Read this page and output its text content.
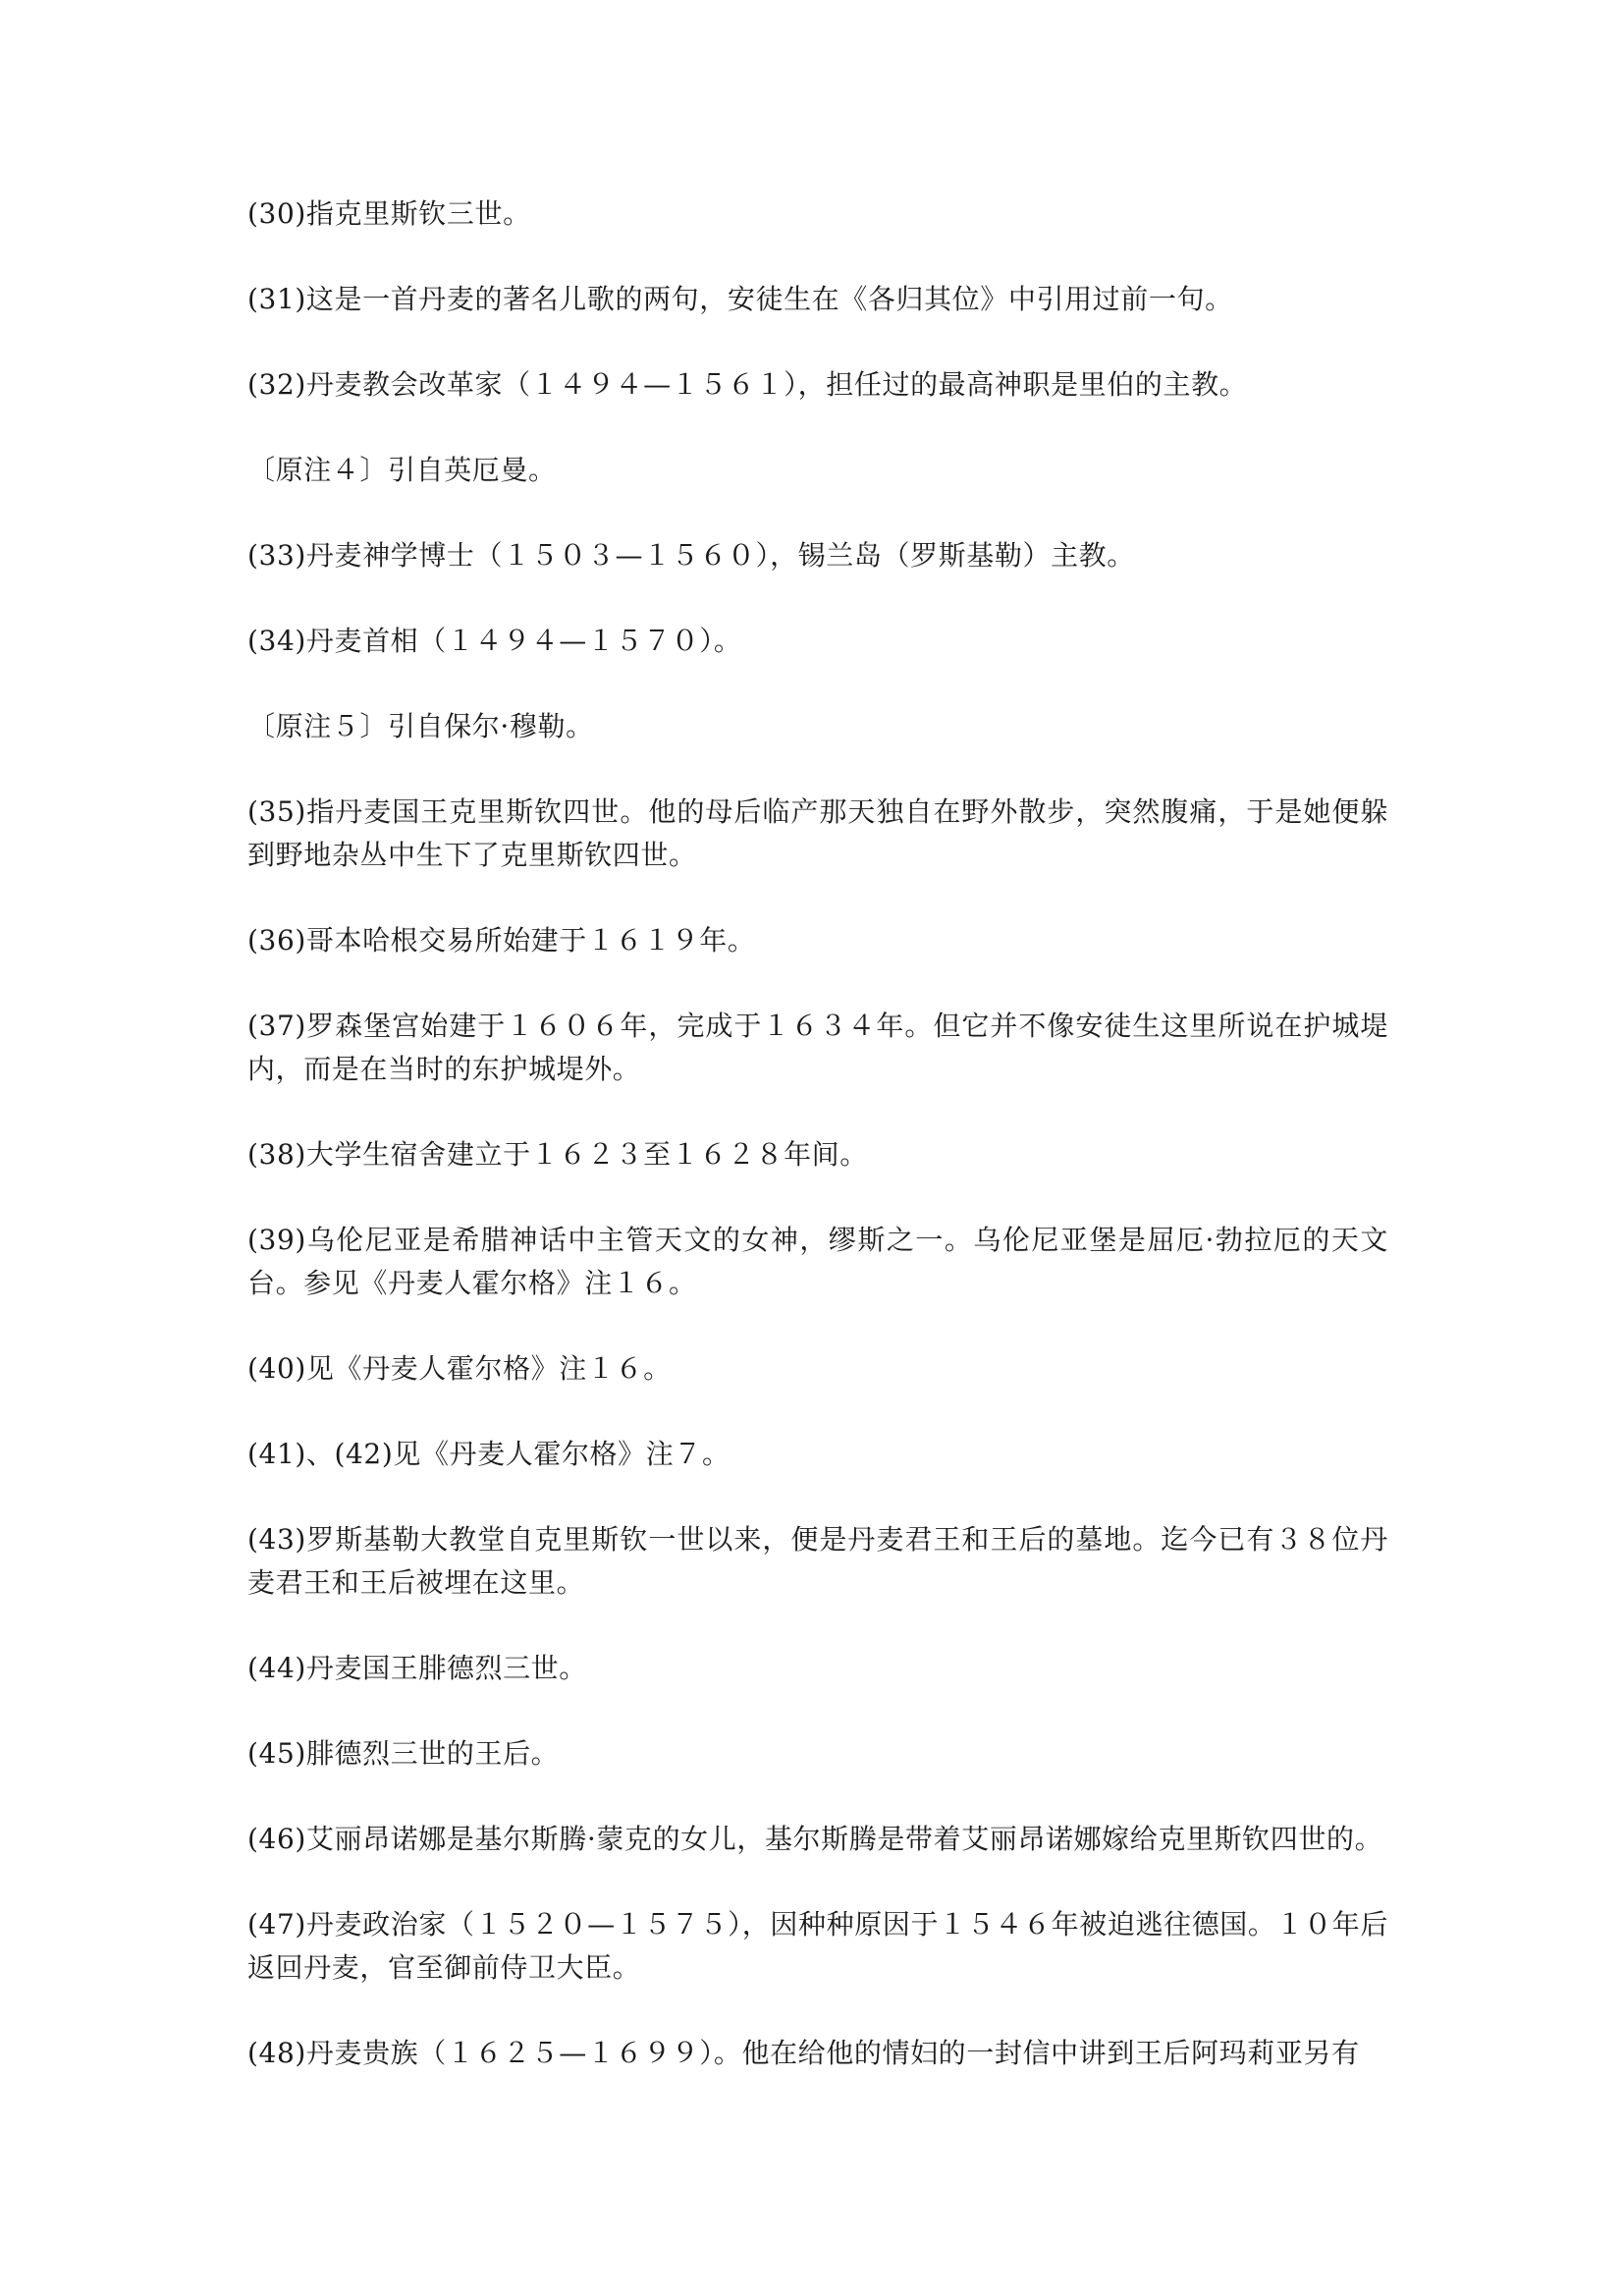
(30)指克里斯钦三世。

(31)这是一首丹麦的著名儿歌的两句，安徒生在《各归其位》中引用过前一句。

(32)丹麦教会改革家（１４９４—１５６１），担任过的最高神职是里伯的主教。

〔原注４〕引自英厄曼。

(33)丹麦神学博士（１５０３—１５６０），锡兰岛（罗斯基勒）主教。

(34)丹麦首相（１４９４—１５７０）。

〔原注５〕引自保尔·穆勒。

(35)指丹麦国王克里斯钦四世。他的母后临产那天独自在野外散步，突然腹痛，于是她便躲到野地杂丛中生下了克里斯钦四世。

(36)哥本哈根交易所始建于１６１９年。

(37)罗森堡宫始建于１６０６年，完成于１６３４年。但它并不像安徒生这里所说在护城堤内，而是在当时的东护城堤外。

(38)大学生宿舍建立于１６２３至１６２８年间。

(39)乌伦尼亚是希腊神话中主管天文的女神，缪斯之一。乌伦尼亚堡是屈厄·勃拉厄的天文台。参见《丹麦人霍尔格》注１６。

(40)见《丹麦人霍尔格》注１６。

(41)、(42)见《丹麦人霍尔格》注７。

(43)罗斯基勒大教堂自克里斯钦一世以来，便是丹麦君王和王后的墓地。迄今已有３８位丹麦君王和王后被埋在这里。

(44)丹麦国王腓德烈三世。

(45)腓德烈三世的王后。

(46)艾丽昂诺娜是基尔斯腾·蒙克的女儿，基尔斯腾是带着艾丽昂诺娜嫁给克里斯钦四世的。

(47)丹麦政治家（１５２０—１５７５），因种种原因于１５４６年被迫逃往德国。１０年后返回丹麦，官至御前侍卫大臣。

(48)丹麦贵族（１６２５—１６９９）。他在给他的情妇的一封信中讲到王后阿玛莉亚另有
